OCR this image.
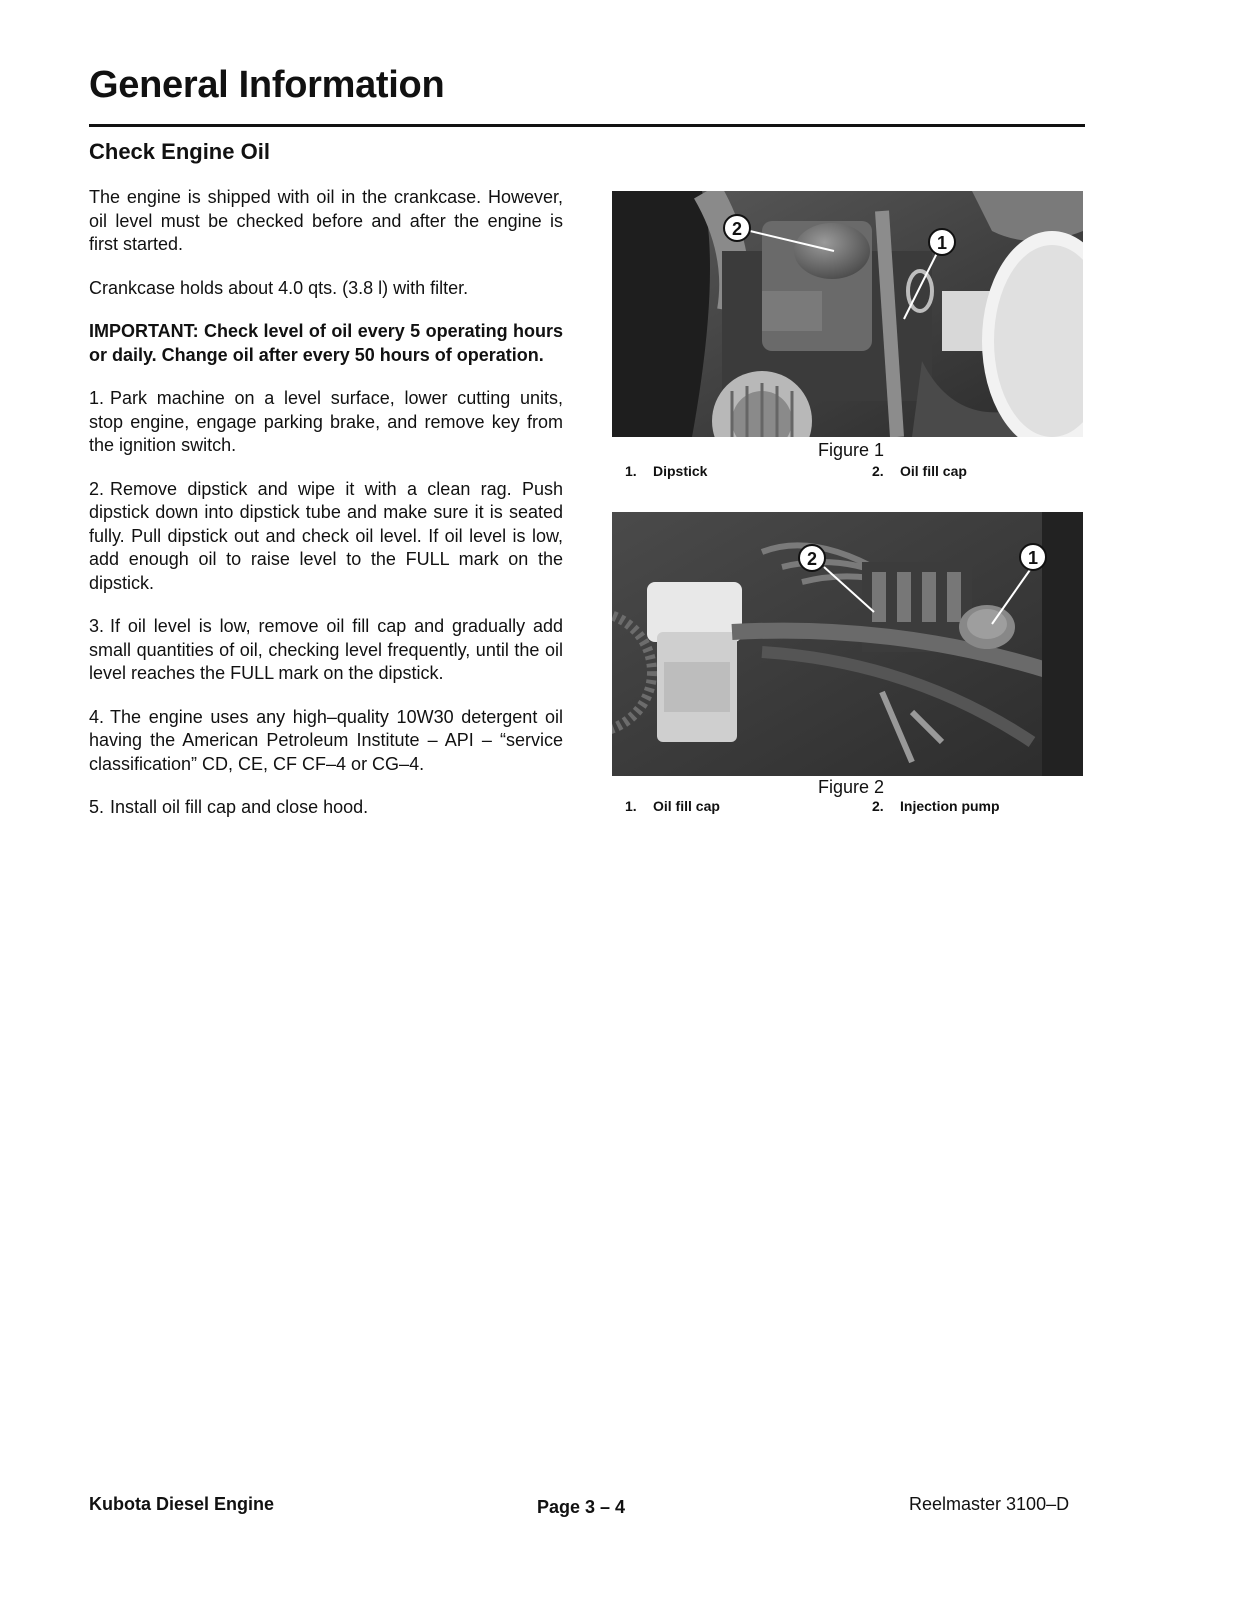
General Information
Check Engine Oil

The engine is shipped with oil in the crankcase. However, oil level must be checked before and after the engine is first started.

Crankcase holds about 4.0 qts. (3.8 l) with filter.

IMPORTANT: Check level of oil every 5 operating hours or daily. Change oil after every 50 hours of operation.

1. Park machine on a level surface, lower cutting units, stop engine, engage parking brake, and remove key from the ignition switch.

2. Remove dipstick and wipe it with a clean rag. Push dipstick down into dipstick tube and make sure it is seated fully. Pull dipstick out and check oil level. If oil level is low, add enough oil to raise level to the FULL mark on the dipstick.

3. If oil level is low, remove oil fill cap and gradually add small quantities of oil, checking level frequently, until the oil level reaches the FULL mark on the dipstick.

4. The engine uses any high–quality 10W30 detergent oil having the American Petroleum Institute – API – “service classification” CD, CE, CF CF–4 or CG–4.

5. Install oil fill cap and close hood.

2
1
Figure 1
1. Dipstick	2. Oil fill cap
2	1
Figure 2
1. Oil fill cap	2. Injection pump
Kubota Diesel Engine	Page 3 – 4	Reelmaster 3100–D
